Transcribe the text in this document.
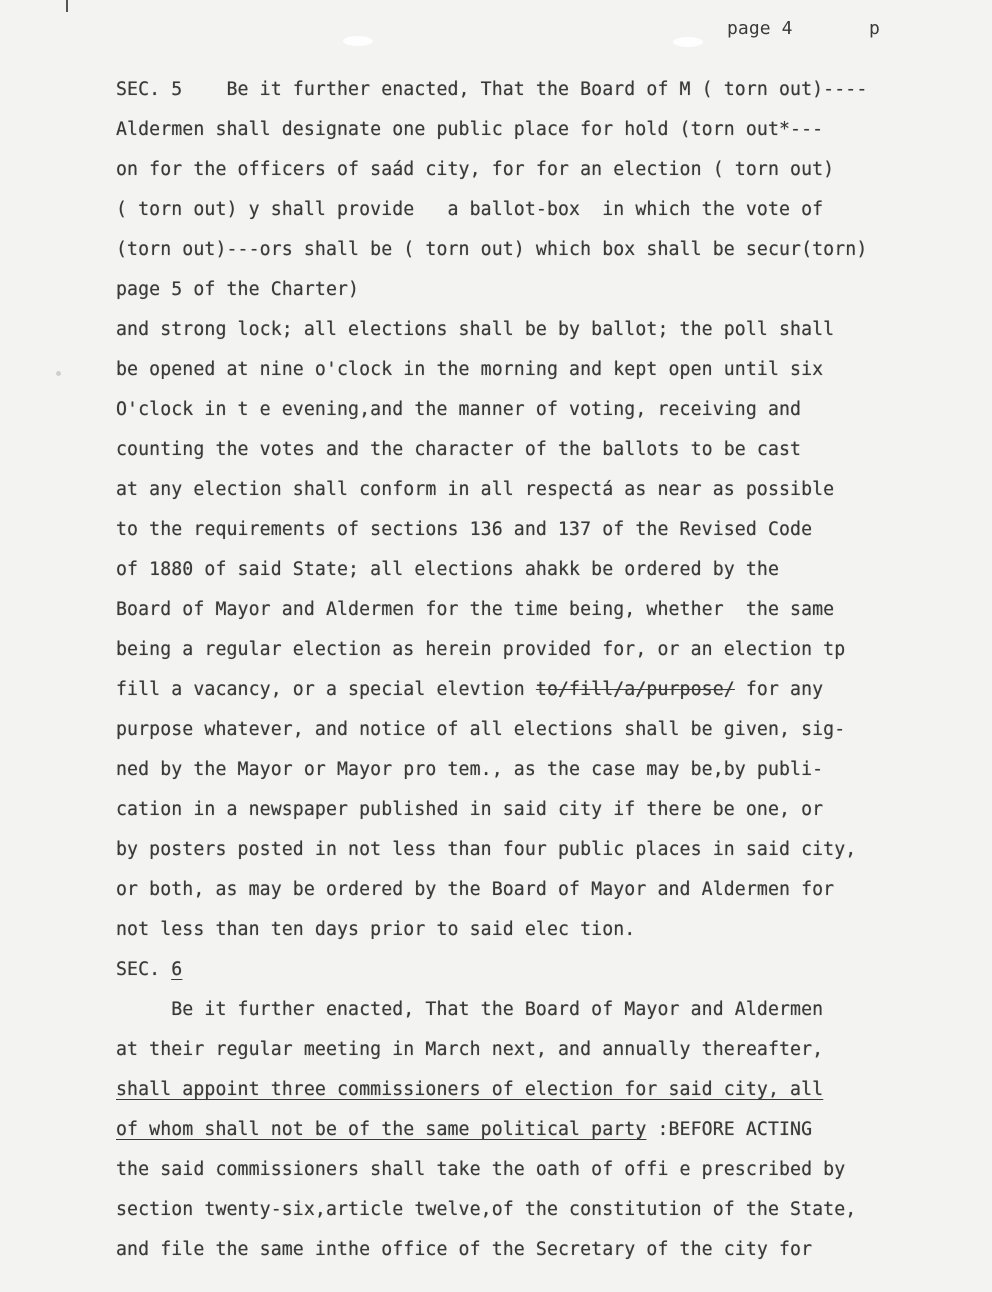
page 4	p
SEC. 5    Be it further enacted, That the Board of M ( torn out)----
Aldermen shall designate one public place for hold (torn out*---
on for the officers of saád city, for for an election ( torn out)
( torn out) y shall provide   a ballot-box  in which the vote of
(torn out)---ors shall be ( torn out) which box shall be secur(torn)
page 5 of the Charter)
and strong lock; all elections shall be by ballot; the poll shall
be opened at nine o'clock in the morning and kept open until six
O'clock in t e evening,and the manner of voting, receiving and
counting the votes and the character of the ballots to be cast
at any election shall conform in all respectá as near as possible
to the requirements of sections 136 and 137 of the Revised Code
of 1880 of said State; all elections ahakk be ordered by the
Board of Mayor and Aldermen for the time being, whether  the same
being a regular election as herein provided for, or an election tp
fill a vacancy, or a special elevtion to/fill/a/purpose/ for any
purpose whatever, and notice of all elections shall be given, sig-
ned by the Mayor or Mayor pro tem., as the case may be,by publi-
cation in a newspaper published in said city if there be one, or
by posters posted in not less than four public places in said city,
or both, as may be ordered by the Board of Mayor and Aldermen for
not less than ten days prior to said elec tion.
SEC. 6
Be it further enacted, That the Board of Mayor and Aldermen
at their regular meeting in March next, and annually thereafter,
shall appoint three commissioners of election for said city, all
of whom shall not be of the same political party :BEFORE ACTING
the said commissioners shall take the oath of offi e prescribed by
section twenty-six,article twelve,of the constitution of the State,
and file the same inthe office of the Secretary of the city for
